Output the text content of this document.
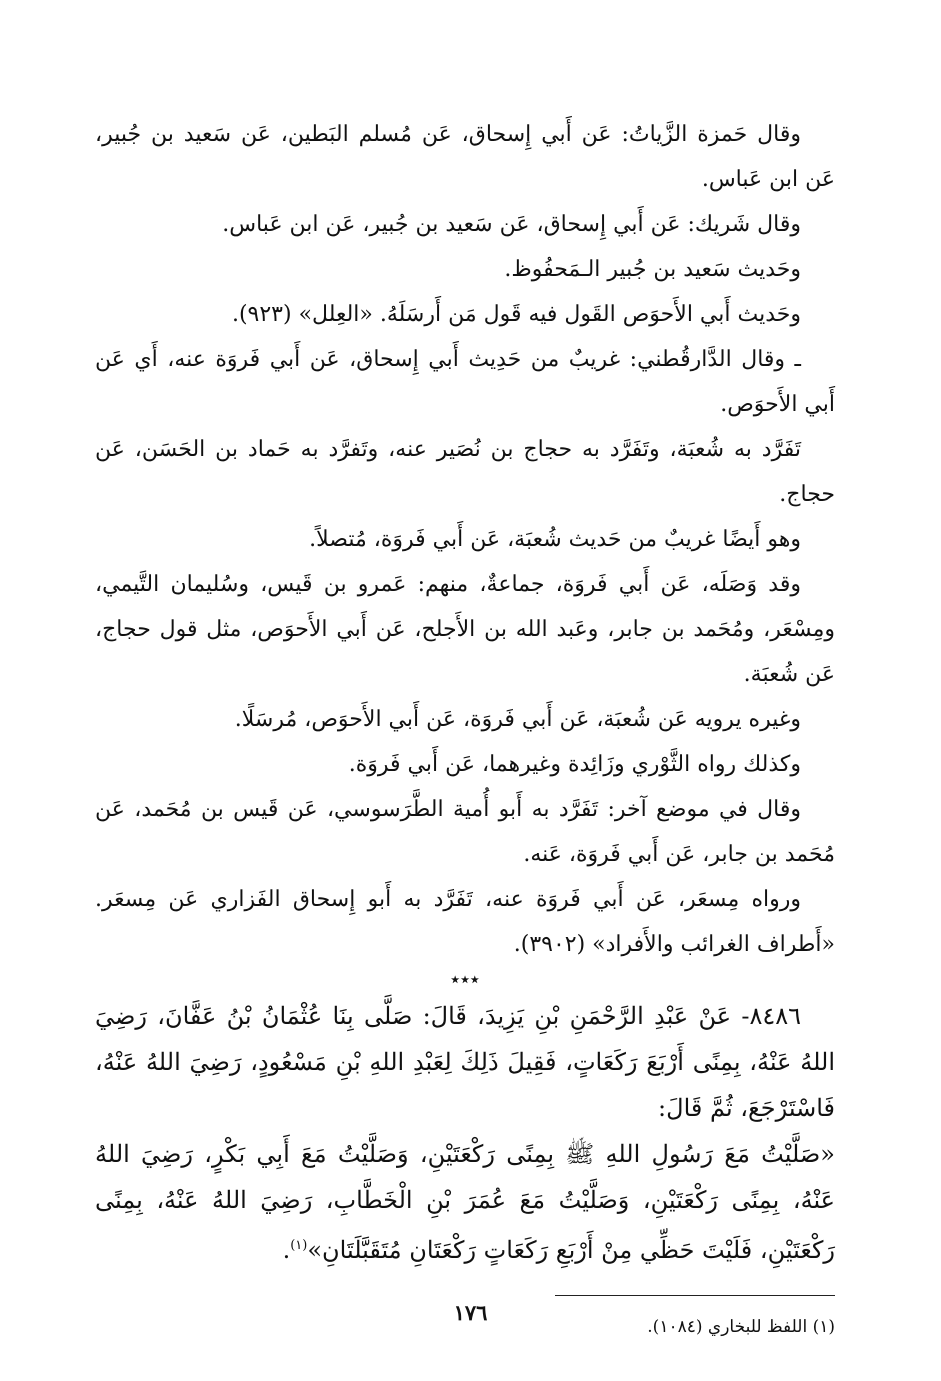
وقال حَمزة الزَّياتُ: عَن أَبي إِسحاق، عَن مُسلم البَطين، عَن سَعيد بن جُبير، عَن ابن عَباس.

وقال شَريك: عَن أَبي إِسحاق، عَن سَعيد بن جُبير، عَن ابن عَباس.

وحَديث سَعيد بن جُبير الـمَحفُوظ.

وحَديث أَبي الأَحوَص القَول فيه قَول مَن أَرسَلَهُ. «العِلل» (٩٢٣).

ـ وقال الدَّارقُطني: غريبٌ من حَدِيث أَبي إِسحاق، عَن أَبي فَروَة عنه، أَي عَن أَبي الأَحوَص.

تَفَرَّد به شُعبَة، وتَفَرَّد به حجاج بن نُصَير عنه، وتَفرَّد به حَماد بن الحَسَن، عَن حجاج.

وهو أَيضًا غريبٌ من حَديث شُعبَة، عَن أَبي فَروَة، مُتصلاً.

وقد وَصَلَه، عَن أَبي فَروَة، جماعةٌ، منهم: عَمرو بن قَيس، وسُليمان التَّيمي، ومِسْعَر، ومُحَمد بن جابر، وعَبد الله بن الأَجلح، عَن أَبي الأَحوَص، مثل قول حجاج، عَن شُعبَة.

وغيره يرويه عَن شُعبَة، عَن أَبي فَروَة، عَن أَبي الأَحوَص، مُرسَلًا.

وكذلك رواه الثَّوْري وزَائِدة وغيرهما، عَن أَبي فَروَة.

وقال في موضع آخر: تَفَرَّد به أَبو أُمية الطَّرَسوسي، عَن قَيس بن مُحَمد، عَن مُحَمد بن جابر، عَن أَبي فَروَة، عَنه.

ورواه مِسعَر، عَن أَبي فَروَة عنه، تَفَرَّد به أَبو إِسحاق الفَزاري عَن مِسعَر. «أَطراف الغرائب والأَفراد» (٣٩٠٢).

٭٭٭

٨٤٨٦- عَنْ عَبْدِ الرَّحْمَنِ بْنِ يَزِيدَ، قَالَ: صَلَّى بِنَا عُثْمَانُ بْنُ عَفَّانَ، رَضِيَ اللهُ عَنْهُ، بِمِنًى أَرْبَعَ رَكَعَاتٍ، فَقِيلَ ذَلِكَ لِعَبْدِ اللهِ بْنِ مَسْعُودٍ، رَضِيَ اللهُ عَنْهُ، فَاسْتَرْجَعَ، ثُمَّ قَالَ:

«صَلَّيْتُ مَعَ رَسُولِ اللهِ ﷺ بِمِنًى رَكْعَتَيْنِ، وَصَلَّيْتُ مَعَ أَبِي بَكْرٍ، رَضِيَ اللهُ عَنْهُ، بِمِنًى رَكْعَتَيْنِ، وَصَلَّيْتُ مَعَ عُمَرَ بْنِ الْخَطَّابِ، رَضِيَ اللهُ عَنْهُ، بِمِنًى رَكْعَتَيْنِ، فَلَيْتَ حَظِّي مِنْ أَرْبَعِ رَكَعَاتٍ رَكْعَتَانِ مُتَقَبَّلَتَانِ»$^{(١)}$.

(١) اللفظ للبخاري (١٠٨٤).
١٧٦
